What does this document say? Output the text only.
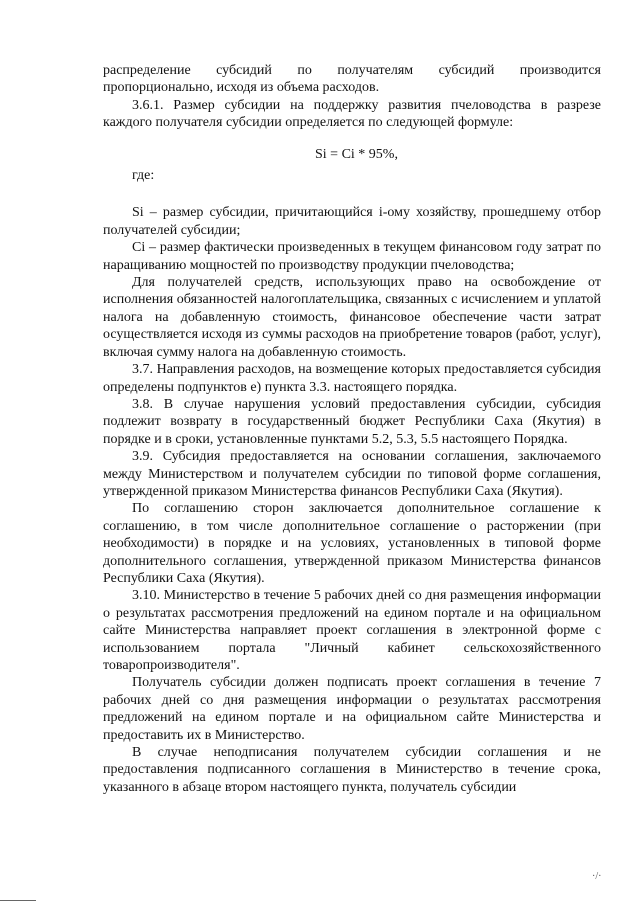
распределение субсидий по получателям субсидий производится пропорционально, исходя из объема расходов.

3.6.1. Размер субсидии на поддержку развития пчеловодства в разрезе каждого получателя субсидии определяется по следующей формуле:

Si = Ci * 95%,

где:

Si – размер субсидии, причитающийся i-ому хозяйству, прошедшему отбор получателей субсидии;

Ci – размер фактически произведенных в текущем финансовом году затрат по наращиванию мощностей по производству продукции пчеловодства;

Для получателей средств, использующих право на освобождение от исполнения обязанностей налогоплательщика, связанных с исчислением и уплатой налога на добавленную стоимость, финансовое обеспечение части затрат осуществляется исходя из суммы расходов на приобретение товаров (работ, услуг), включая сумму налога на добавленную стоимость.

3.7. Направления расходов, на возмещение которых предоставляется субсидия определены подпунктов е) пункта 3.3. настоящего порядка.

3.8. В случае нарушения условий предоставления субсидии, субсидия подлежит возврату в государственный бюджет Республики Саха (Якутия) в порядке и в сроки, установленные пунктами 5.2, 5.3, 5.5 настоящего Порядка.

3.9. Субсидия предоставляется на основании соглашения, заключаемого между Министерством и получателем субсидии по типовой форме соглашения, утвержденной приказом Министерства финансов Республики Саха (Якутия).

По соглашению сторон заключается дополнительное соглашение к соглашению, в том числе дополнительное соглашение о расторжении (при необходимости) в порядке и на условиях, установленных в типовой форме дополнительного соглашения, утвержденной приказом Министерства финансов Республики Саха (Якутия).

3.10. Министерство в течение 5 рабочих дней со дня размещения информации о результатах рассмотрения предложений на едином портале и на официальном сайте Министерства направляет проект соглашения в электронной форме с использованием портала "Личный кабинет сельскохозяйственного товаропроизводителя".

Получатель субсидии должен подписать проект соглашения в течение 7 рабочих дней со дня размещения информации о результатах рассмотрения предложений на едином портале и на официальном сайте Министерства и предоставить их в Министерство.

В случае неподписания получателем субсидии соглашения и не предоставления подписанного соглашения в Министерство в течение срока, указанного в абзаце втором настоящего пункта, получатель субсидии

·/·
